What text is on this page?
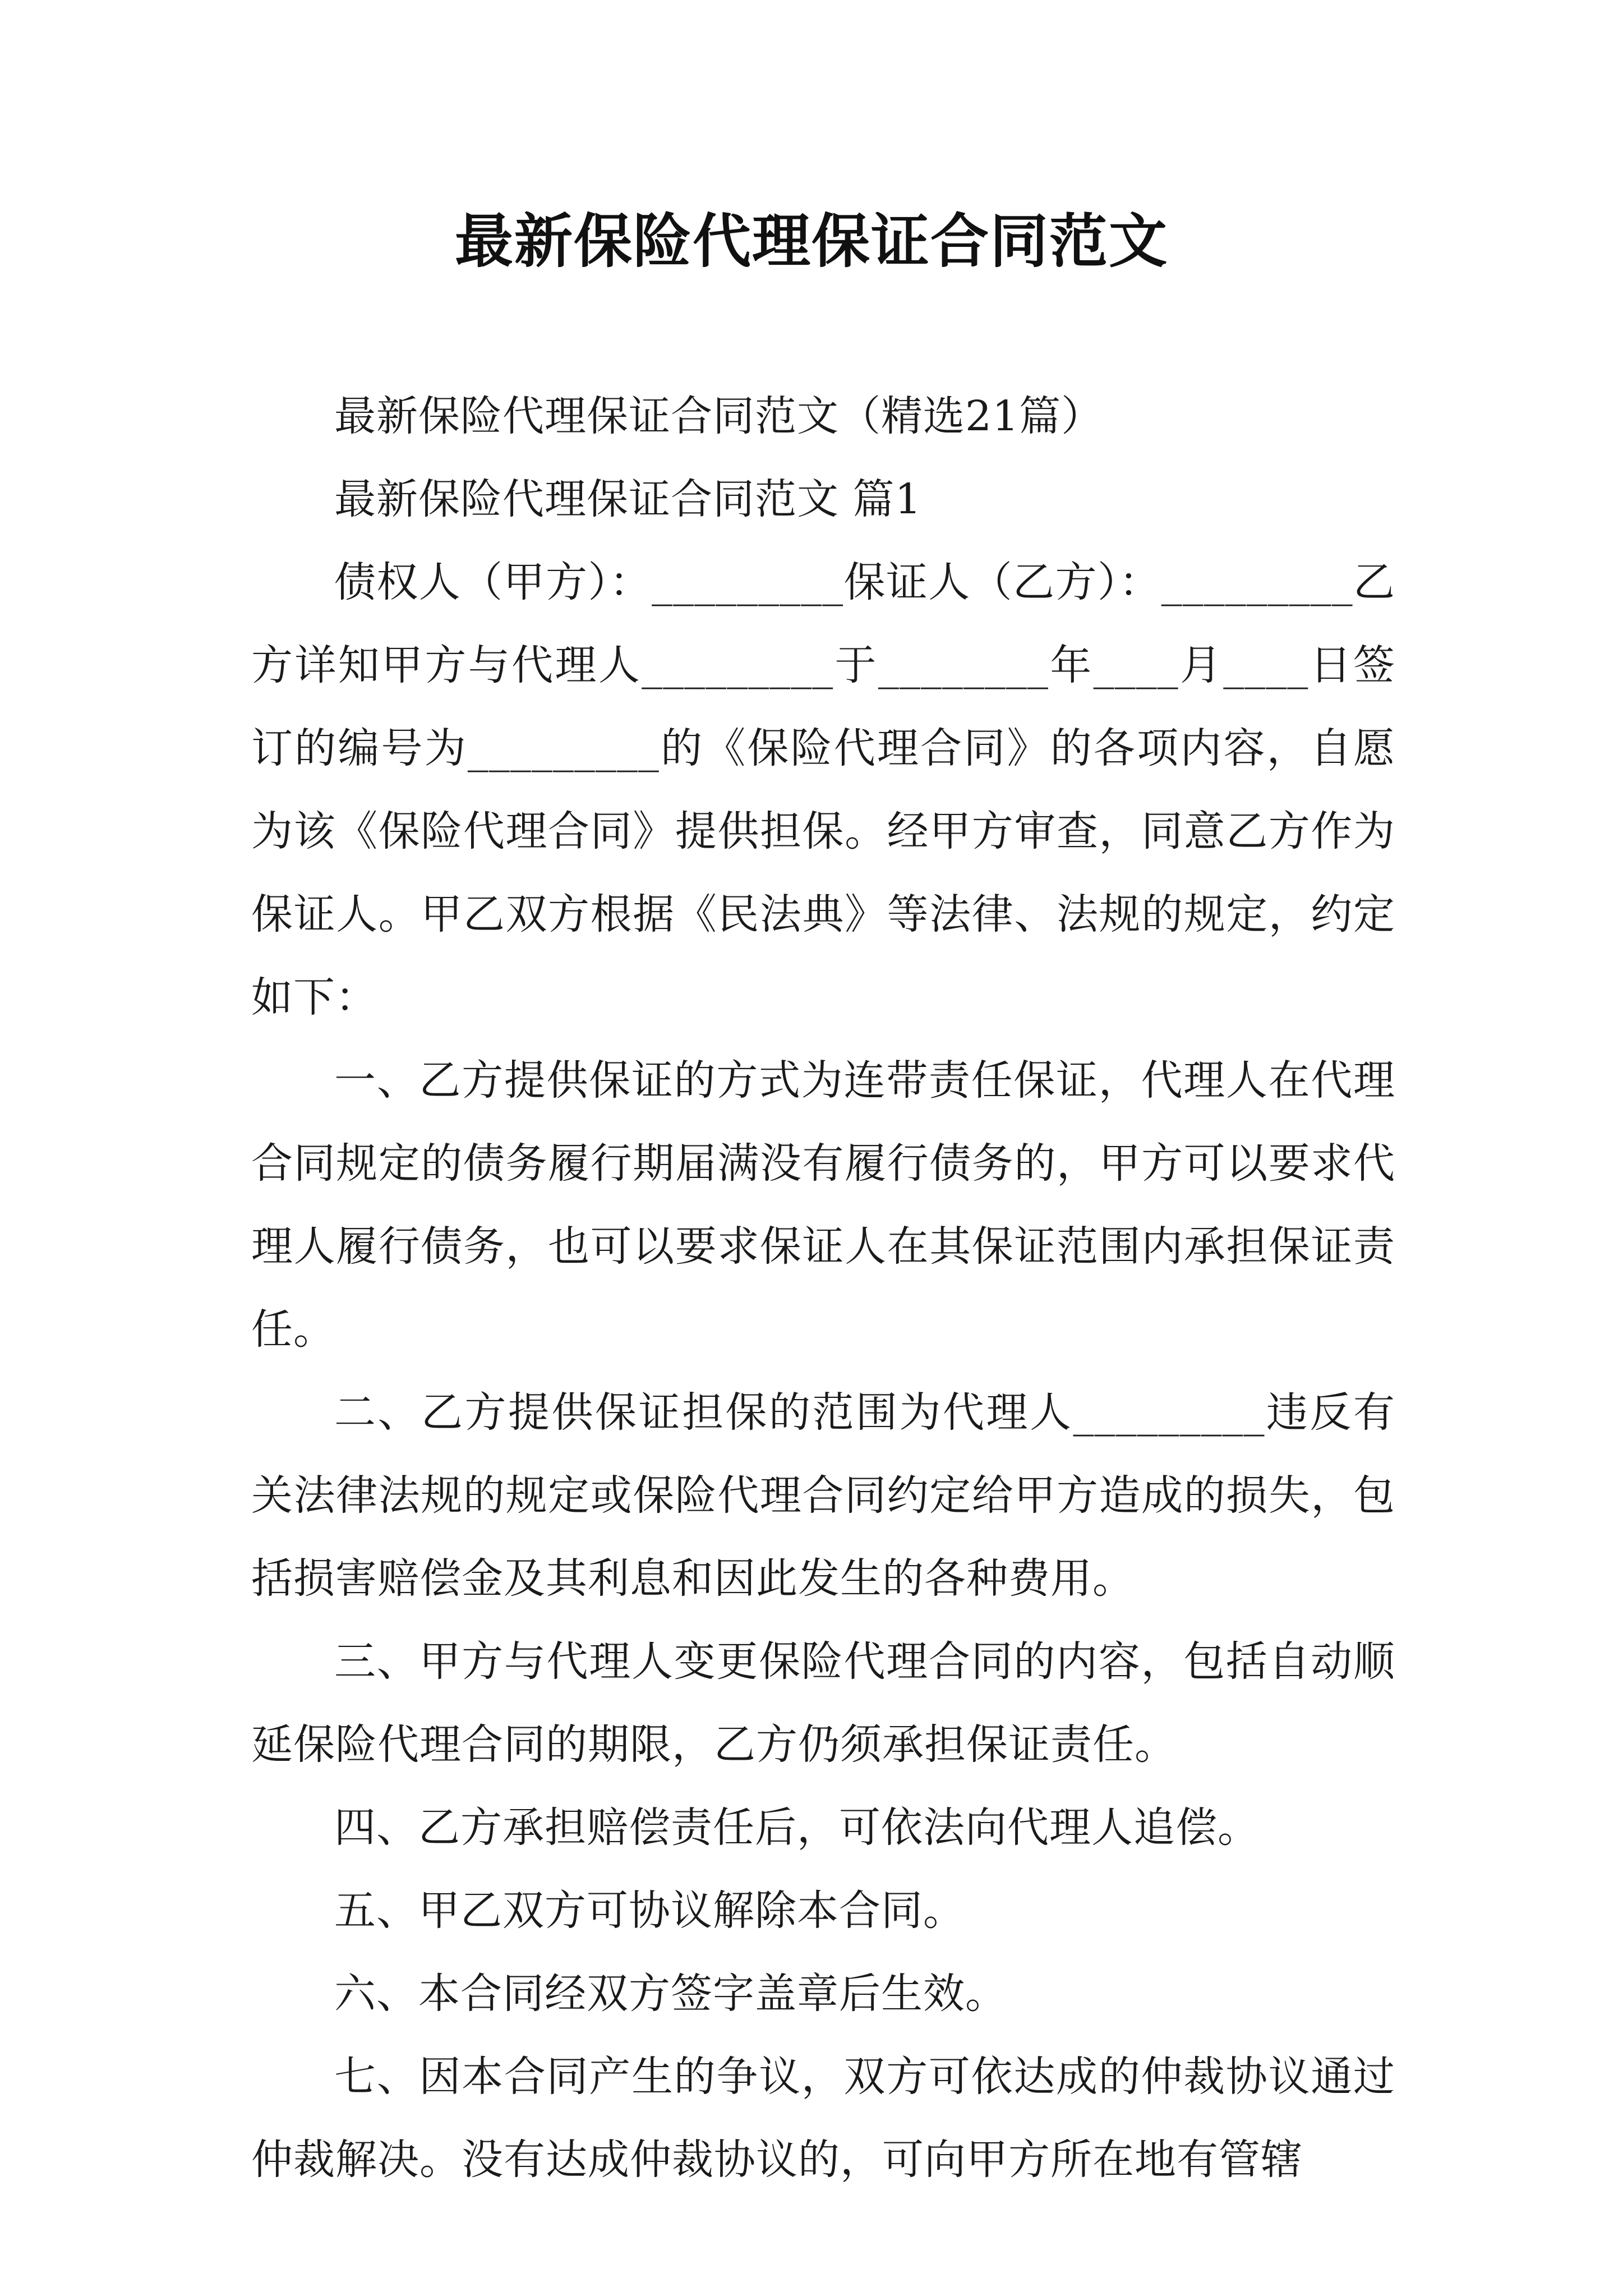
最新保险代理保证合同范文

最新保险代理保证合同范文（精选21篇）

最新保险代理保证合同范文 篇1

债权人（甲方）：_________保证人（乙方）：_________乙方详知甲方与代理人_________于________年____月____日签订的编号为_________的《保险代理合同》的各项内容，自愿为该《保险代理合同》提供担保。经甲方审查，同意乙方作为保证人。甲乙双方根据《民法典》等法律、法规的规定，约定如下：

一、乙方提供保证的方式为连带责任保证，代理人在代理合同规定的债务履行期届满没有履行债务的，甲方可以要求代理人履行债务，也可以要求保证人在其保证范围内承担保证责任。

二、乙方提供保证担保的范围为代理人_________违反有关法律法规的规定或保险代理合同约定给甲方造成的损失，包括损害赔偿金及其利息和因此发生的各种费用。

三、甲方与代理人变更保险代理合同的内容，包括自动顺延保险代理合同的期限，乙方仍须承担保证责任。

四、乙方承担赔偿责任后，可依法向代理人追偿。

五、甲乙双方可协议解除本合同。

六、本合同经双方签字盖章后生效。

七、因本合同产生的争议，双方可依达成的仲裁协议通过仲裁解决。没有达成仲裁协议的，可向甲方所在地有管辖
